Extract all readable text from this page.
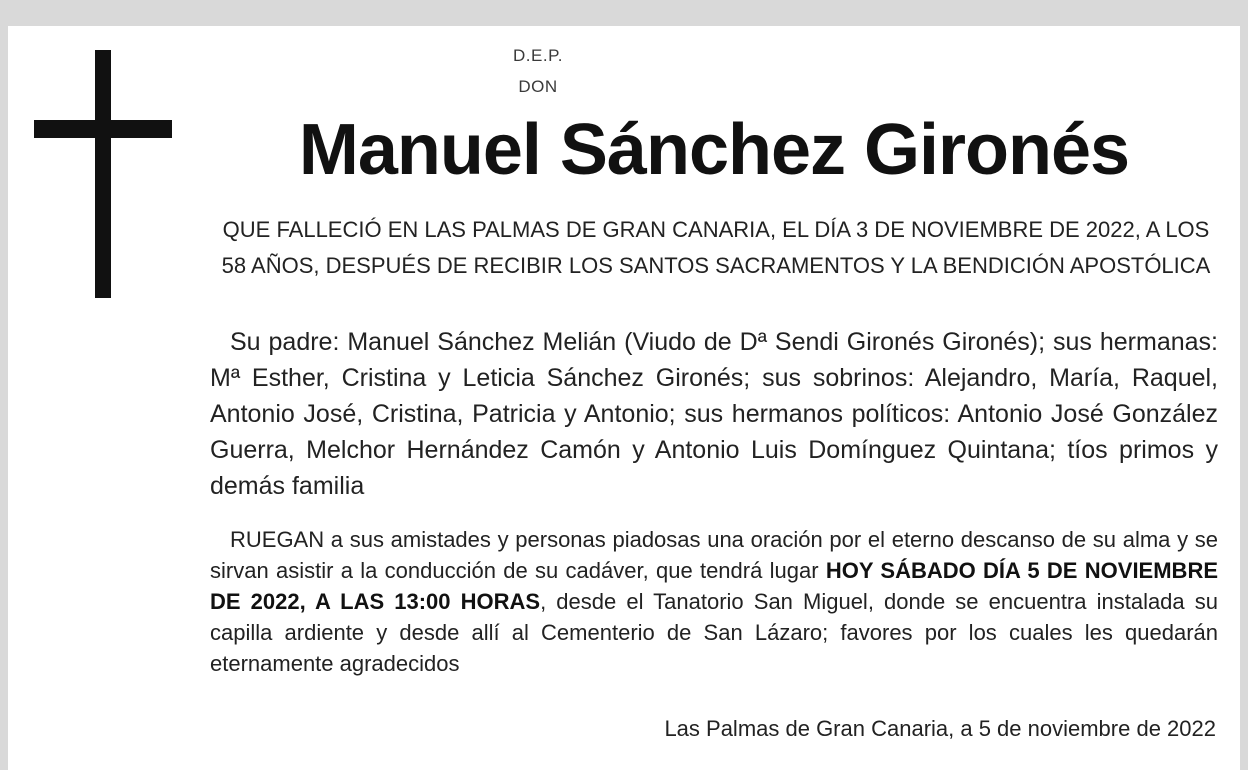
D.E.P.
DON
Manuel Sánchez Gironés
QUE FALLECIÓ EN LAS PALMAS DE GRAN CANARIA, EL DÍA 3 DE NOVIEMBRE DE 2022, A LOS 58 AÑOS, DESPUÉS DE RECIBIR LOS SANTOS SACRAMENTOS Y LA BENDICIÓN APOSTÓLICA
Su padre: Manuel Sánchez Melián (Viudo de Dª Sendi Gironés Gironés); sus hermanas: Mª Esther, Cristina y Leticia Sánchez Gironés; sus sobrinos: Alejandro, María, Raquel, Antonio José, Cristina, Patricia y Antonio; sus hermanos políticos: Antonio José González Guerra, Melchor Hernández Camón y Antonio Luis Domínguez Quintana; tíos primos y demás familia
RUEGAN a sus amistades y personas piadosas una oración por el eterno descanso de su alma y se sirvan asistir a la conducción de su cadáver, que tendrá lugar HOY SÁBADO DÍA 5 DE NOVIEMBRE DE 2022, A LAS 13:00 HORAS, desde el Tanatorio San Miguel, donde se encuentra instalada su capilla ardiente y desde allí al Cementerio de San Lázaro; favores por los cuales les quedarán eternamente agradecidos
Las Palmas de Gran Canaria, a 5 de noviembre de 2022
